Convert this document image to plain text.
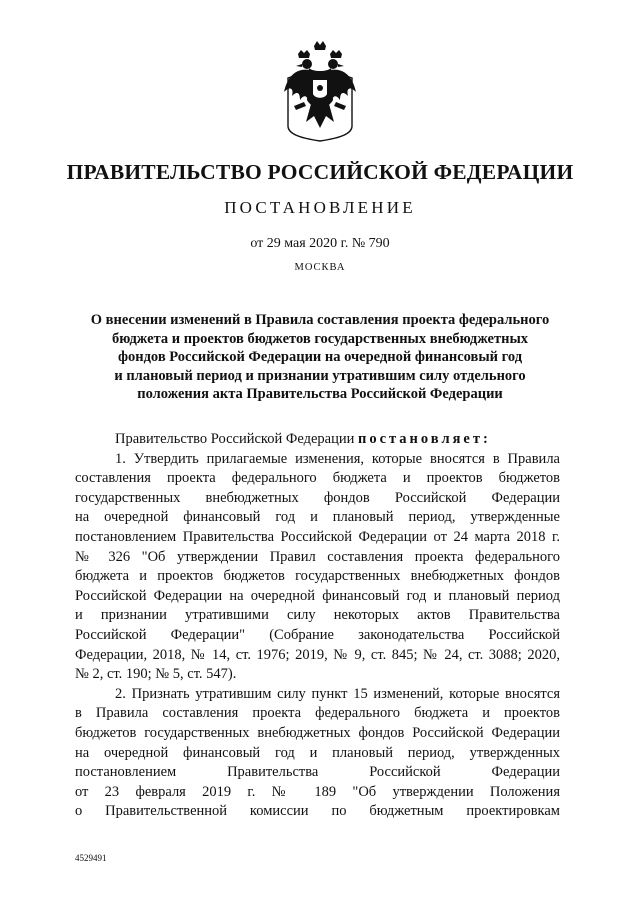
ПРАВИТЕЛЬСТВО РОССИЙСКОЙ ФЕДЕРАЦИИ
ПОСТАНОВЛЕНИЕ
от 29 мая 2020 г. № 790
МОСКВА
О внесении изменений в Правила составления проекта федерального
бюджета и проектов бюджетов государственных внебюджетных
фондов Российской Федерации на очередной финансовый год
и плановый период и признании утратившим силу отдельного
положения акта Правительства Российской Федерации
Правительство Российской Федерации постановляет:
1. Утвердить прилагаемые изменения, которые вносятся в Правила
составления проекта федерального бюджета и проектов бюджетов
государственных внебюджетных фондов Российской Федерации
на очередной финансовый год и плановый период, утвержденные
постановлением Правительства Российской Федерации от 24 марта 2018 г.
№ 326 "Об утверждении Правил составления проекта федерального
бюджета и проектов бюджетов государственных внебюджетных фондов
Российской Федерации на очередной финансовый год и плановый период
и признании утратившими силу некоторых актов Правительства
Российской Федерации" (Собрание законодательства Российской
Федерации, 2018, № 14, ст. 1976; 2019, № 9, ст. 845; № 24, ст. 3088; 2020,
№ 2, ст. 190; № 5, ст. 547).
2. Признать утратившим силу пункт 15 изменений, которые вносятся
в Правила составления проекта федерального бюджета и проектов
бюджетов государственных внебюджетных фондов Российской Федерации
на очередной финансовый год и плановый период, утвержденных
постановлением Правительства Российской Федерации
от 23 февраля 2019 г. № 189 "Об утверждении Положения
о Правительственной комиссии по бюджетным проектировкам
4529491
